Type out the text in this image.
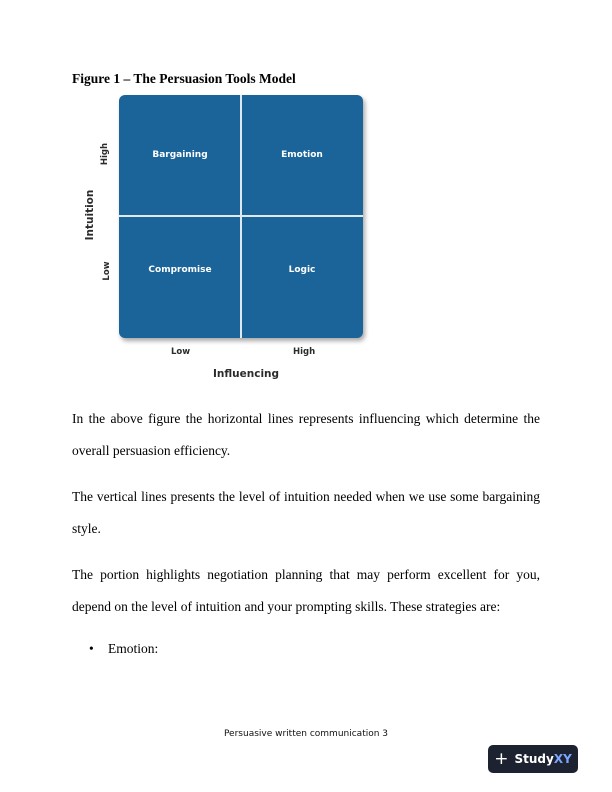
Figure 1 – The Persuasion Tools Model
Bargaining	Emotion
Compromise	Logic
Intuition
High
Low
Low	High
Influencing

In the above figure the horizontal lines represents influencing which determine the overall persuasion efficiency.

The vertical lines presents the level of intuition needed when we use some bargaining style.

The portion highlights negotiation planning that may perform excellent for you, depend on the level of intuition and your prompting skills. These strategies are:

• Emotion:
Persuasive written communication 3
+ StudyXY
